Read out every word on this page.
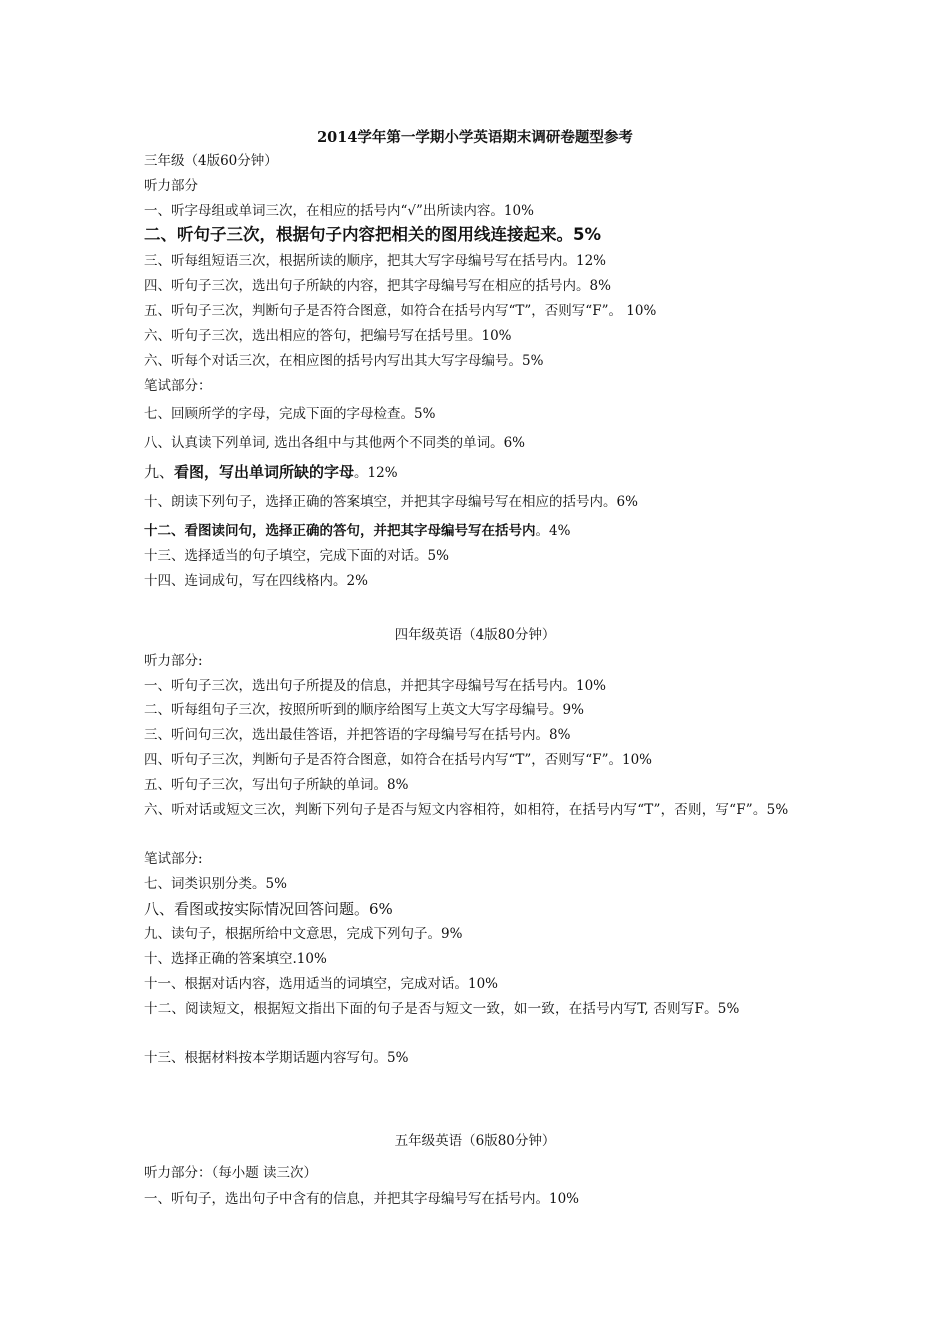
2014学年第一学期小学英语期末调研卷题型参考
三年级（4版60分钟）
听力部分
一、听字母组或单词三次，在相应的括号内“√”出所读内容。10%
二、听句子三次，根据句子内容把相关的图用线连接起来。5%
三、听每组短语三次，根据所读的顺序，把其大写字母编号写在括号内。12%
四、听句子三次，选出句子所缺的内容，把其字母编号写在相应的括号内。8%
五、听句子三次，判断句子是否符合图意，如符合在括号内写“T”，否则写“F”。 10%
六、听句子三次，选出相应的答句，把编号写在括号里。10%
六、听每个对话三次，在相应图的括号内写出其大写字母编号。5%
笔试部分：
七、回顾所学的字母，完成下面的字母检查。5%
八、认真读下列单词, 选出各组中与其他两个不同类的单词。6%
九、看图，写出单词所缺的字母。12%
十、朗读下列句子，选择正确的答案填空，并把其字母编号写在相应的括号内。6%
十二、看图读问句，选择正确的答句，并把其字母编号写在括号内。4%
十三、选择适当的句子填空，完成下面的对话。5%
十四、连词成句，写在四线格内。2%
四年级英语（4版80分钟）
听力部分:
一、听句子三次，选出句子所提及的信息，并把其字母编号写在括号内。10%
二、听每组句子三次，按照所听到的顺序给图写上英文大写字母编号。9%
三、听问句三次，选出最佳答语，并把答语的字母编号写在括号内。8%
四、听句子三次，判断句子是否符合图意，如符合在括号内写“T”，否则写“F”。10%
五、听句子三次，写出句子所缺的单词。8%
六、听对话或短文三次，判断下列句子是否与短文内容相符，如相符，在括号内写“T”，否则，写“F”。5%
笔试部分:
七、词类识别分类。5%
八、看图或按实际情况回答问题。6%
九、读句子，根据所给中文意思，完成下列句子。9%
十、选择正确的答案填空.10%
十一、根据对话内容，选用适当的词填空，完成对话。10%
十二、阅读短文，根据短文指出下面的句子是否与短文一致，如一致，在括号内写T, 否则写F。5%
十三、根据材料按本学期话题内容写句。5%
五年级英语（6版80分钟）
听力部分：（每小题 读三次）
一、听句子，选出句子中含有的信息，并把其字母编号写在括号内。10%
